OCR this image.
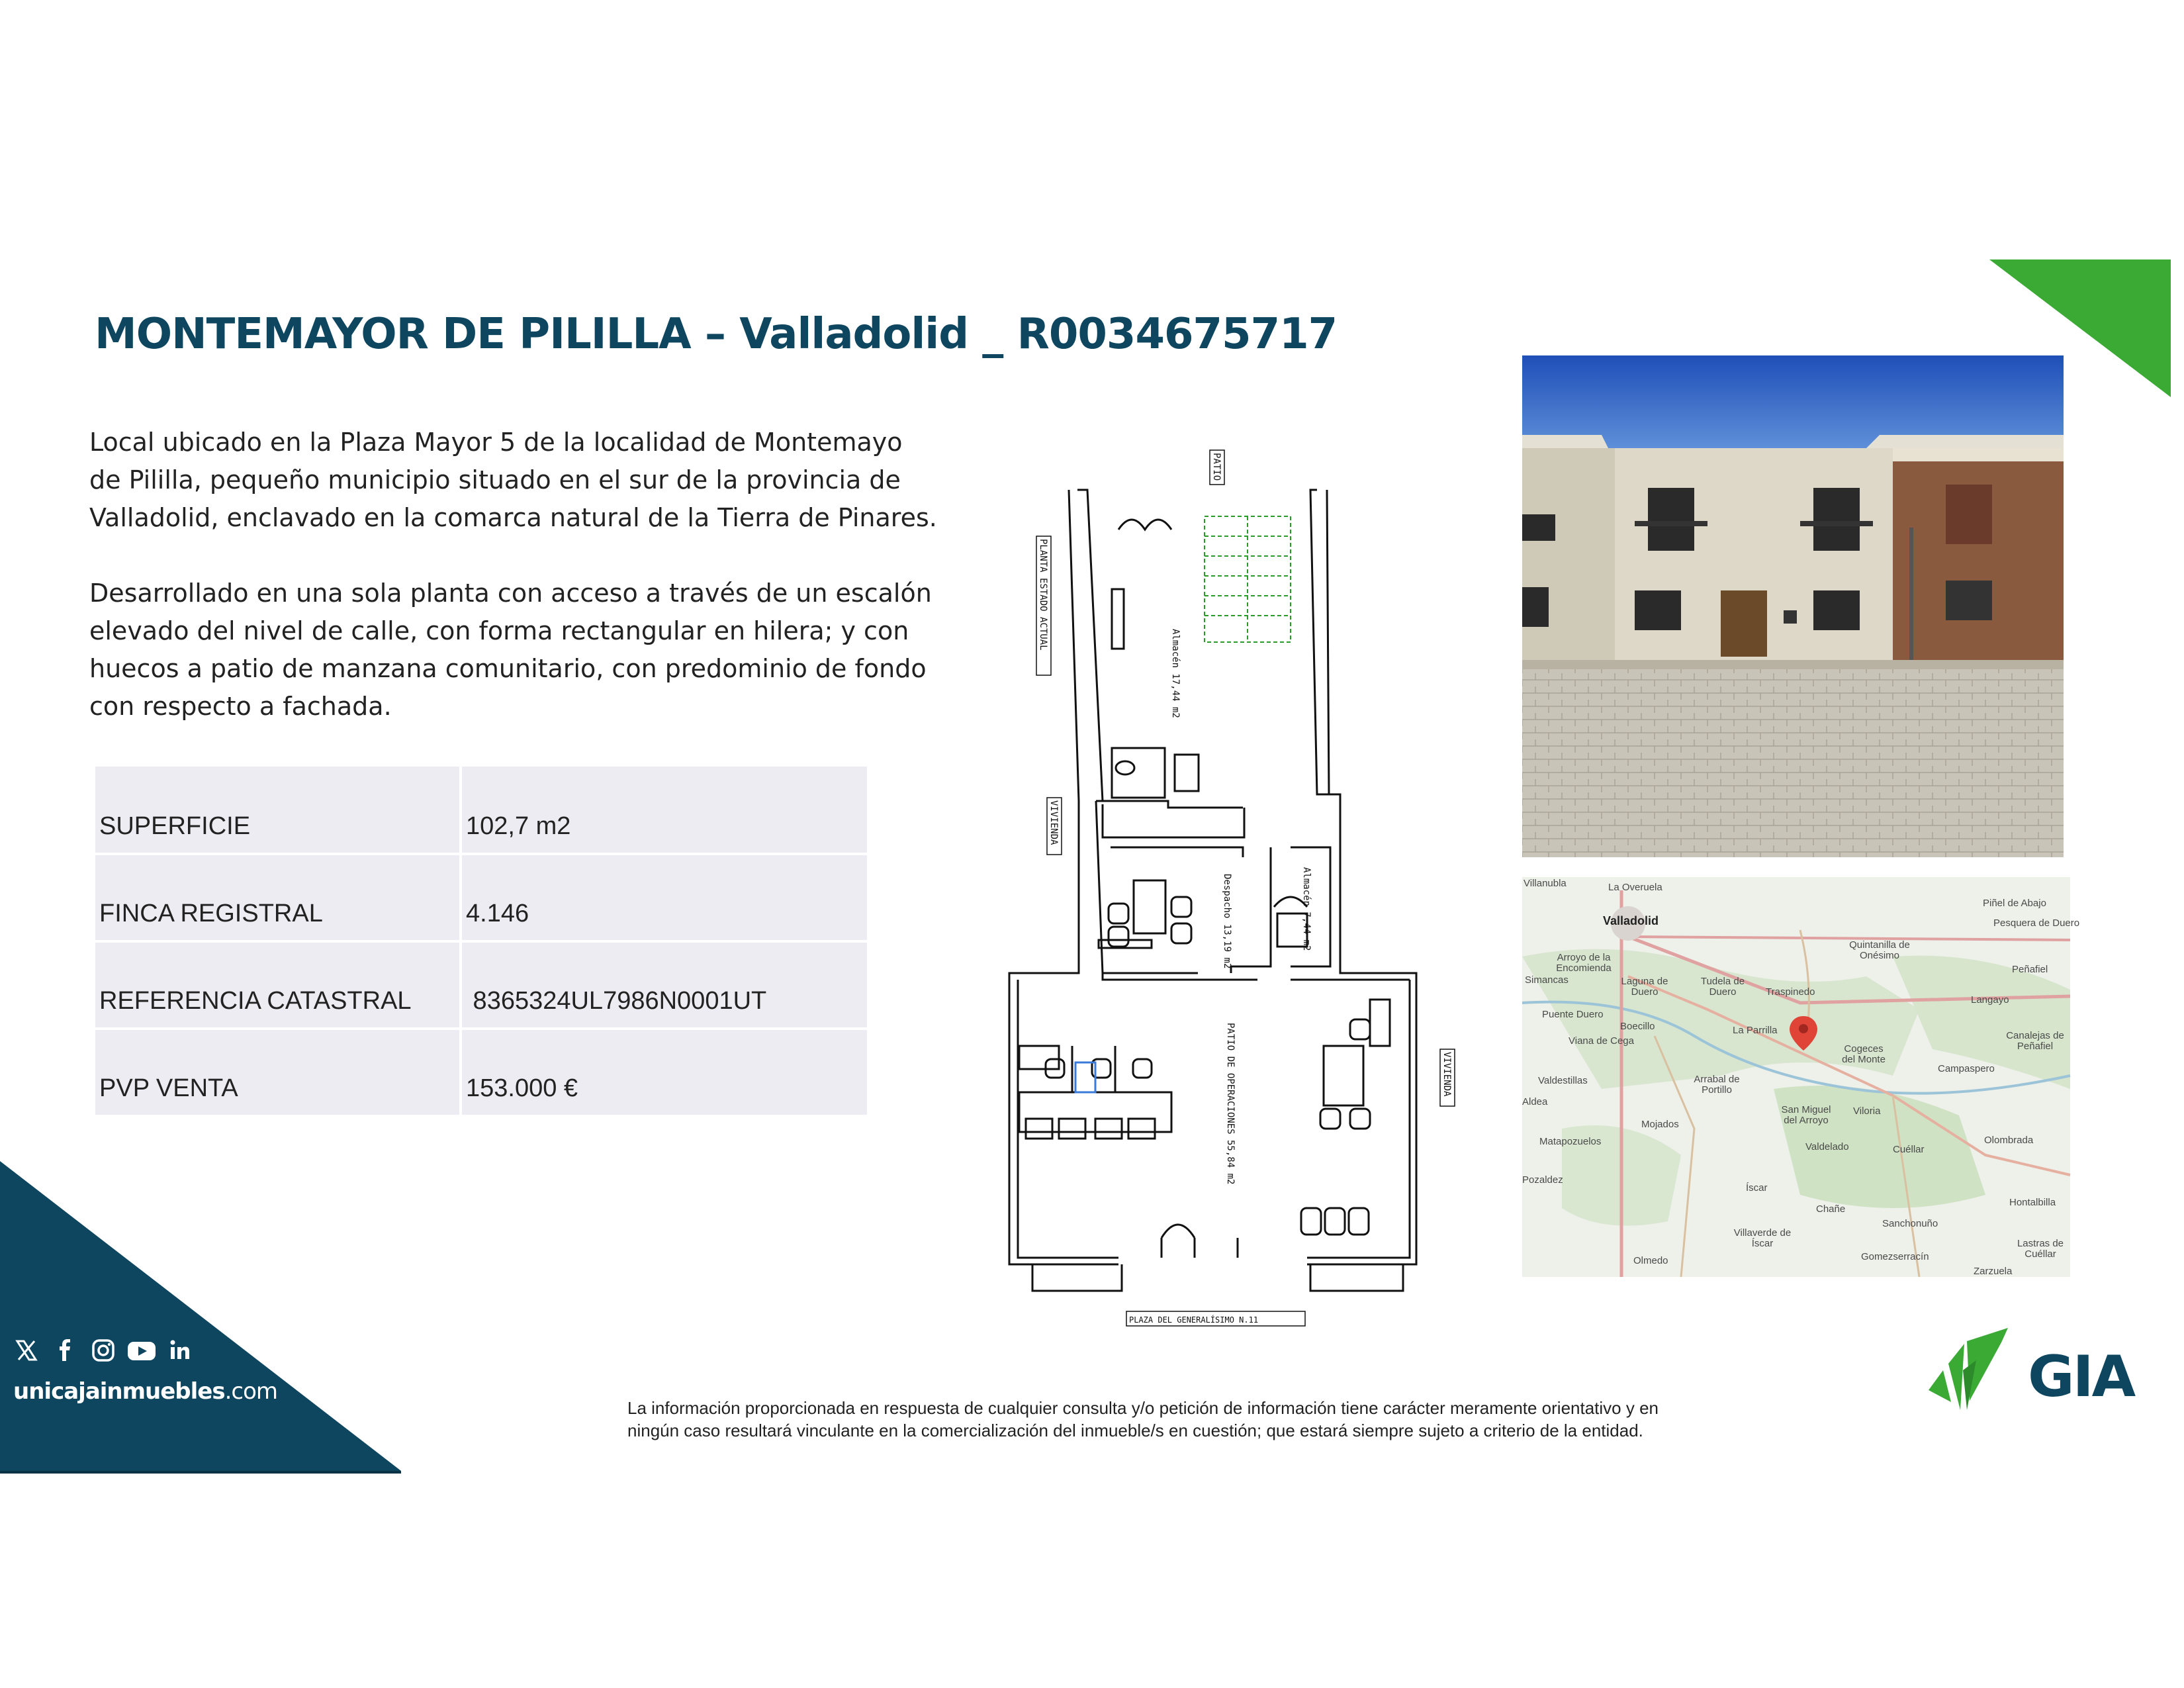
MONTEMAYOR DE PILILLA – Valladolid _ R0034675717

Local ubicado en la Plaza Mayor 5 de la localidad de Montemayo
de Pililla, pequeño municipio situado en el sur de la provincia de
Valladolid, enclavado en la comarca natural de la Tierra de Pinares.

Desarrollado en una sola planta con acceso a través de un escalón
elevado del nivel de calle, con forma rectangular en hilera; y con
huecos a patio de manzana comunitario, con predominio de fondo
con respecto a fachada.

SUPERFICIE	102,7 m2
FINCA REGISTRAL	4.146
REFERENCIA CATASTRAL	8365324UL7986N0001UT
PVP VENTA	153.000 €
PATIO
PLANTA ESTADO ACTUAL
Almacén 17,44 m2
Despacho 13,19 m2	Almacén 7,44 m2
VIVIENDA
VIVIENDA
PATIO DE OPERACIONES 55,84 m2
PLAZA DEL GENERALÍSIMO N.11
Villanubla	La Overuela
Valladolid
Piñel de Abajo
Pesquera de Duero
Quintanilla de Onésimo
Peñafiel
Arroyo de la Encomienda
Simancas	Laguna de Duero
Tudela de Duero	Traspinedo
Langayo
Puente Duero
Boecillo
Viana de Cega
La Parrilla
Cogeces del Monte
Canalejas de Peñafiel
Campaspero
Valdestillas	Arrabal de Portillo
Aldea
San Miguel del Arroyo
Viloria
Mojados
Matapozuelos	Valdelado	Cuéllar
Olombrada
Pozaldez
Íscar
Chañe
Hontalbilla
Sanchonuño
Villaverde de Íscar	Lastras de Cuéllar
Olmedo	Gomezserracín
Zarzuela
unicajainmuebles.com
La información proporcionada en respuesta de cualquier consulta y/o petición de información tiene carácter meramente orientativo y en
ningún caso resultará vinculante en la comercialización del inmueble/s en cuestión; que estará siempre sujeto a criterio de la entidad.
GIA
